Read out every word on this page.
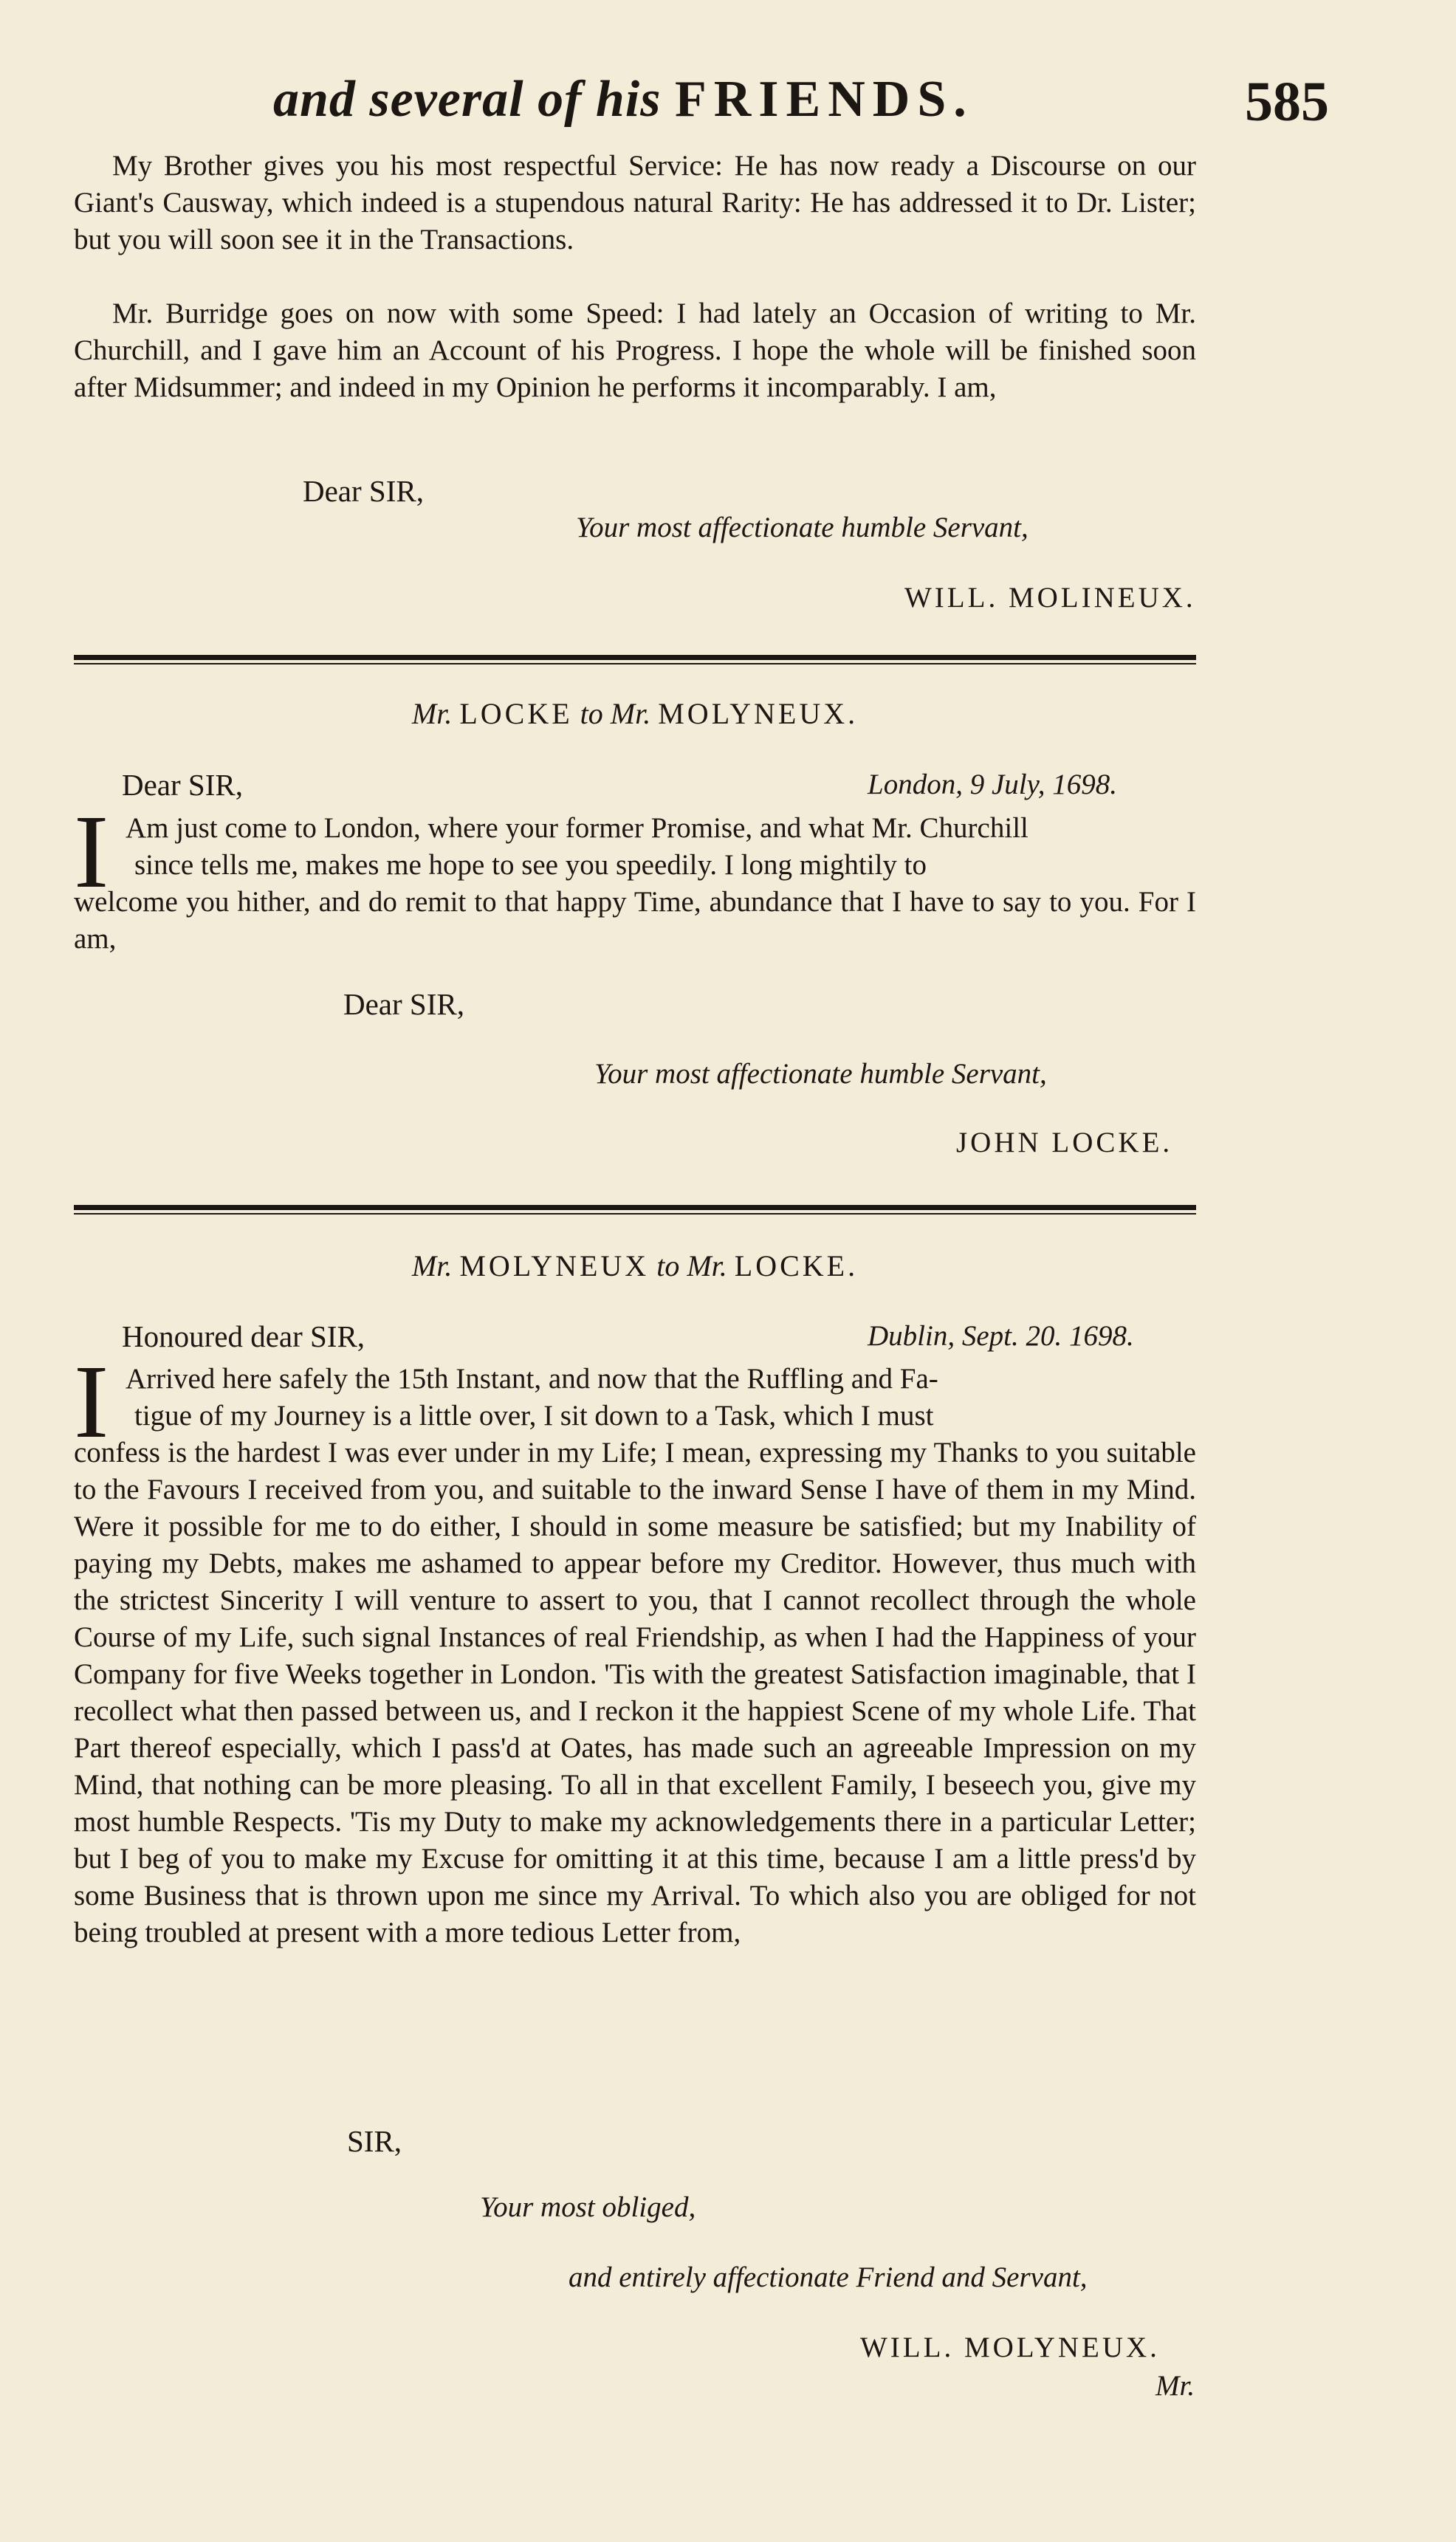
and several of his FRIENDS.	585
My Brother gives you his most respectful Service: He has now ready a Discourse on our Giant's Causway, which indeed is a stupendous natural Rarity: He has addressed it to Dr. Lister; but you will soon see it in the Transactions.
Mr. Burridge goes on now with some Speed: I had lately an Occasion of writing to Mr. Churchill, and I gave him an Account of his Progress. I hope the whole will be finished soon after Midsummer; and indeed in my Opinion he performs it incomparably. I am,
Dear SIR,
Your most affectionate humble Servant,
WILL. MOLINEUX.
Mr. LOCKE to Mr. MOLYNEUX.
Dear SIR,	London, 9 July, 1698.
I Am just come to London, where your former Promise, and what Mr. Churchill
since tells me, makes me hope to see you speedily. I long mightily to
welcome you hither, and do remit to that happy Time, abundance that I have to say to you. For I am,
Dear SIR,
Your most affectionate humble Servant,
JOHN LOCKE.
Mr. MOLYNEUX to Mr. LOCKE.
Honoured dear SIR,	Dublin, Sept. 20. 1698.
I Arrived here safely the 15th Instant, and now that the Ruffling and Fa-
tigue of my Journey is a little over, I sit down to a Task, which I must
confess is the hardest I was ever under in my Life; I mean, expressing my Thanks to you suitable to the Favours I received from you, and suitable to the inward Sense I have of them in my Mind. Were it possible for me to do either, I should in some measure be satisfied; but my Inability of paying my Debts, makes me ashamed to appear before my Creditor. However, thus much with the strictest Sincerity I will venture to assert to you, that I cannot recollect through the whole Course of my Life, such signal Instances of real Friendship, as when I had the Happiness of your Company for five Weeks together in London. 'Tis with the greatest Satisfaction imaginable, that I recollect what then passed between us, and I reckon it the happiest Scene of my whole Life. That Part thereof especially, which I pass'd at Oates, has made such an agreeable Impression on my Mind, that nothing can be more pleasing. To all in that excellent Family, I beseech you, give my most humble Respects. 'Tis my Duty to make my acknowledgements there in a particular Letter; but I beg of you to make my Excuse for omitting it at this time, because I am a little press'd by some Business that is thrown upon me since my Arrival. To which also you are obliged for not being troubled at present with a more tedious Letter from,
SIR,
Your most obliged,
and entirely affectionate Friend and Servant,
WILL. MOLYNEUX.
Mr.
